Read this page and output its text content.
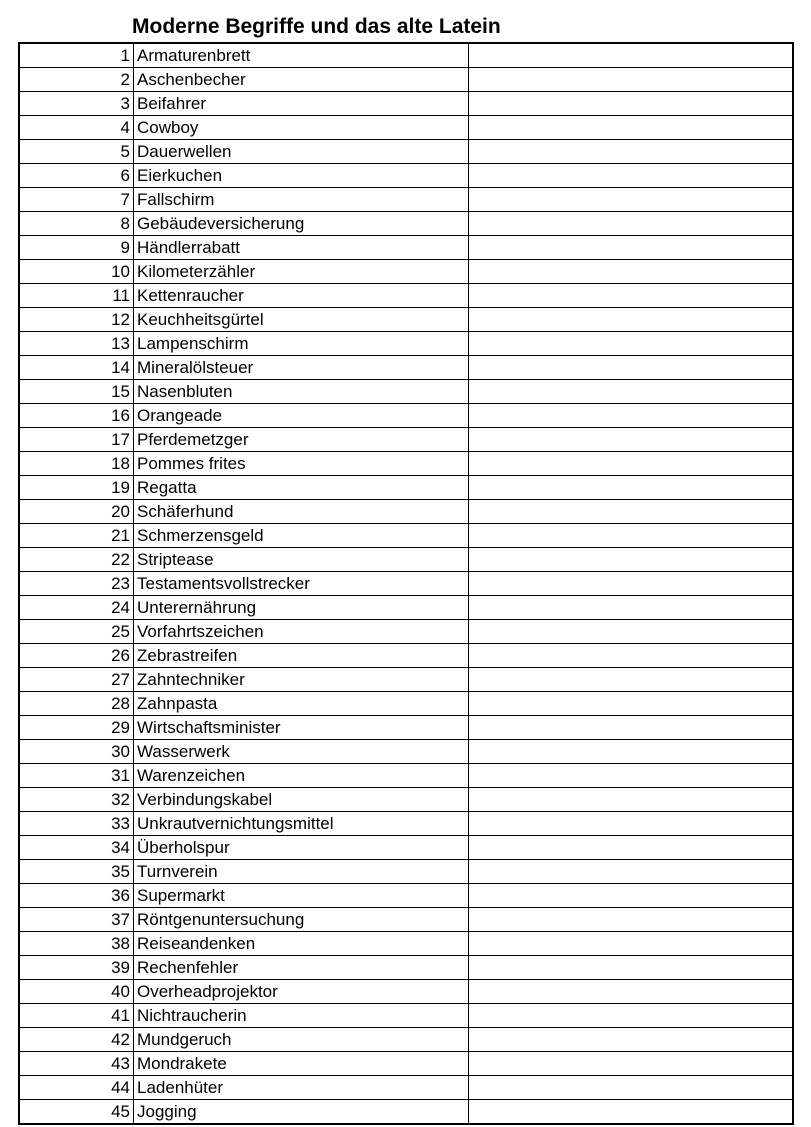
Moderne Begriffe und das alte Latein
1	Armaturenbrett	
2	Aschenbecher	
3	Beifahrer	
4	Cowboy	
5	Dauerwellen	
6	Eierkuchen	
7	Fallschirm	
8	Gebäudeversicherung	
9	Händlerrabatt	
10	Kilometerzähler	
11	Kettenraucher	
12	Keuchheitsgürtel	
13	Lampenschirm	
14	Mineralölsteuer	
15	Nasenbluten	
16	Orangeade	
17	Pferdemetzger	
18	Pommes frites	
19	Regatta	
20	Schäferhund	
21	Schmerzensgeld	
22	Striptease	
23	Testamentsvollstrecker	
24	Unterernährung	
25	Vorfahrtszeichen	
26	Zebrastreifen	
27	Zahntechniker	
28	Zahnpasta	
29	Wirtschaftsminister	
30	Wasserwerk	
31	Warenzeichen	
32	Verbindungskabel	
33	Unkrautvernichtungsmittel	
34	Überholspur	
35	Turnverein	
36	Supermarkt	
37	Röntgenuntersuchung	
38	Reiseandenken	
39	Rechenfehler	
40	Overheadprojektor	
41	Nichtraucherin	
42	Mundgeruch	
43	Mondrakete	
44	Ladenhüter	
45	Jogging	
